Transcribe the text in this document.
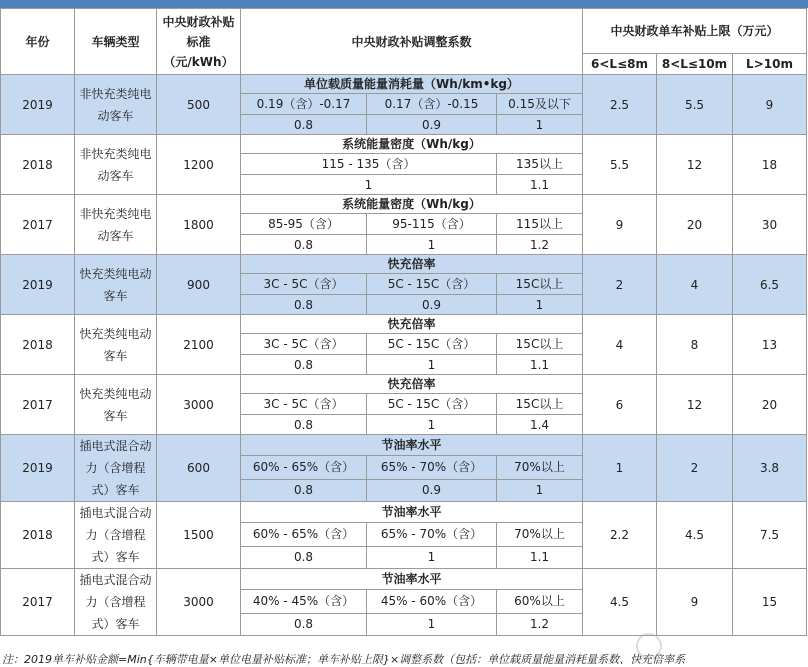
年份	车辆类型	中央财政补贴标准（元/kWh）	中央财政补贴调整系数			中央财政单车补贴上限（万元）		
						6<L≤8m	8<L≤10m	L>10m
2019	非快充类纯电动客车	500	单位载质量能量消耗量（Wh/km•kg）			2.5	5.5	9
			0.19（含）-0.17	0.17（含）-0.15	0.15及以下			
			0.8	0.9	1			
2018	非快充类纯电动客车	1200	系统能量密度（Wh/kg）			5.5	12	18
			115 - 135（含）		135以上			
			1		1.1			
2017	非快充类纯电动客车	1800	系统能量密度（Wh/kg）			9	20	30
			85-95（含）	95-115（含）	115以上			
			0.8	1	1.2			
2019	快充类纯电动客车	900	快充倍率			2	4	6.5
			3C - 5C（含）	5C - 15C（含）	15C以上			
			0.8	0.9	1			
2018	快充类纯电动客车	2100	快充倍率			4	8	13
			3C - 5C（含）	5C - 15C（含）	15C以上			
			0.8	1	1.1			
2017	快充类纯电动客车	3000	快充倍率			6	12	20
			3C - 5C（含）	5C - 15C（含）	15C以上			
			0.8	1	1.4			
2019	插电式混合动力（含增程式）客车	600	节油率水平			1	2	3.8
			60% - 65%（含）	65% - 70%（含）	70%以上			
			0.8	0.9	1			
2018	插电式混合动力（含增程式）客车	1500	节油率水平			2.2	4.5	7.5
			60% - 65%（含）	65% - 70%（含）	70%以上			
			0.8	1	1.1			
2017	插电式混合动力（含增程式）客车	3000	节油率水平			4.5	9	15
			40% - 45%（含）	45% - 60%（含）	60%以上			
			0.8	1	1.2			
注：2019单车补贴金额=Min{车辆带电量×单位电量补贴标准；单车补贴上限}×调整系数（包括：单位载质量能量消耗量系数、快充倍率系
